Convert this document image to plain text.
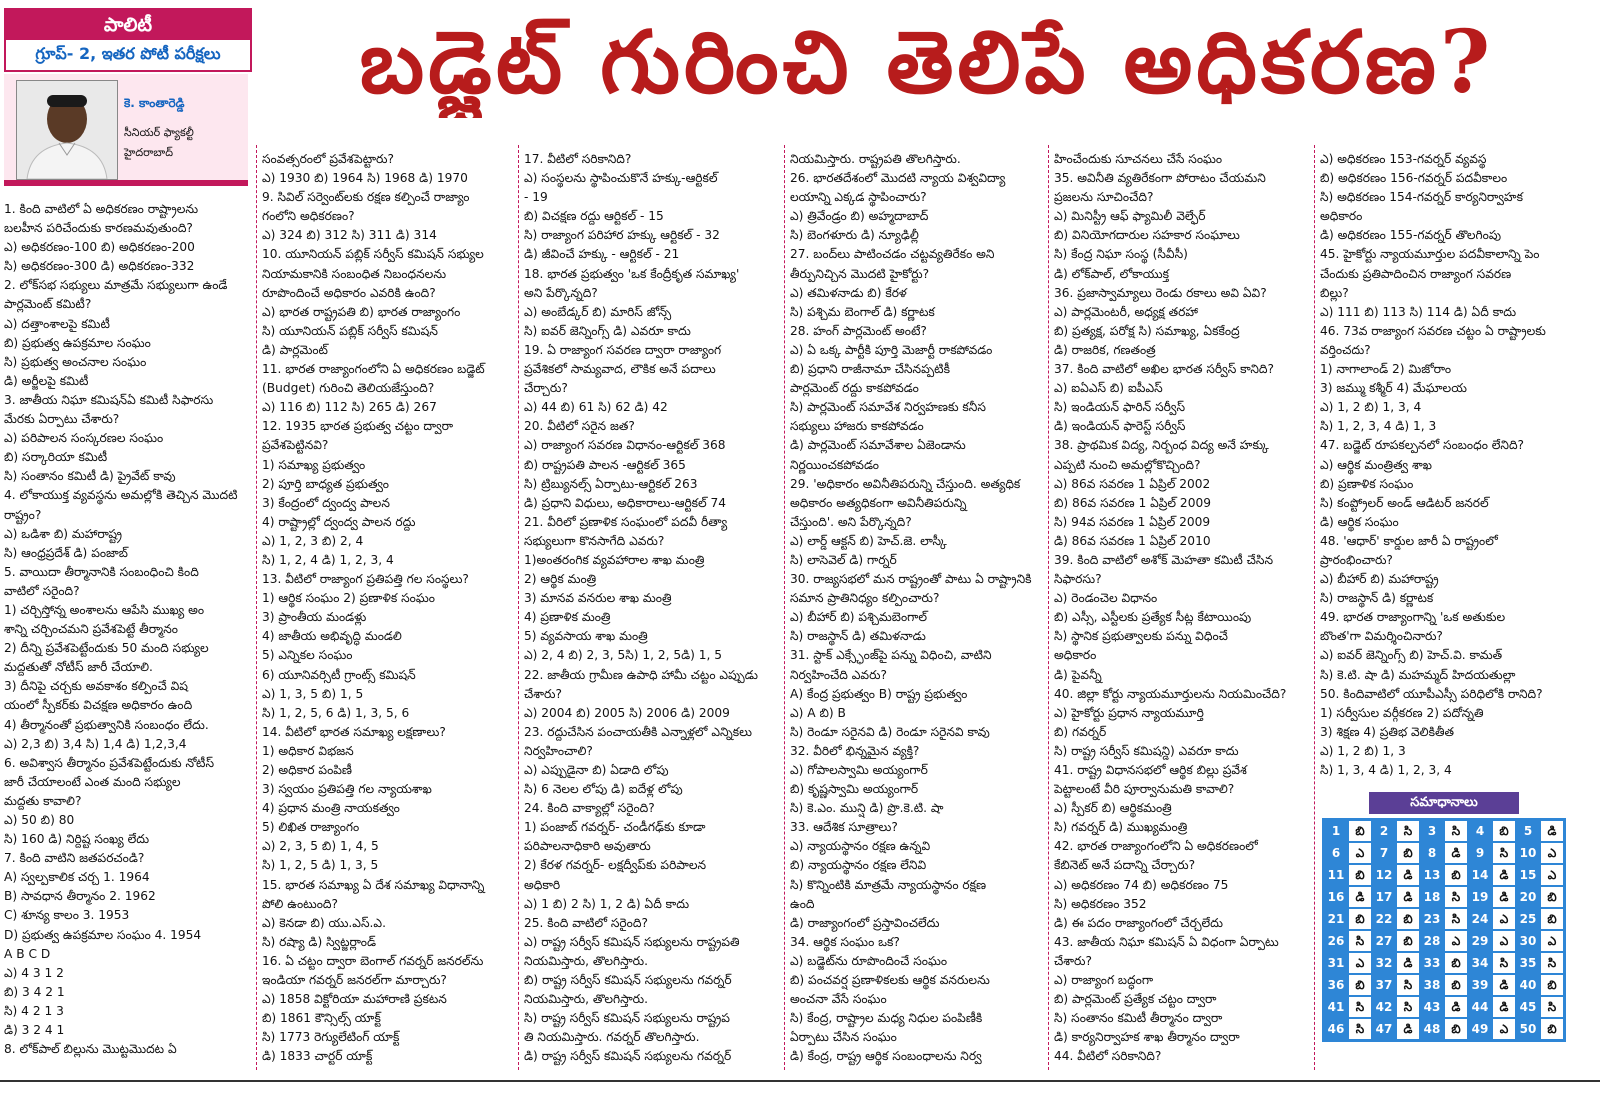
పాలిటీ
గ్రూప్- 2, ఇతర పోటీ పరీక్షలు	బడ్జెట్ గురించి తెలిపే అధికరణ?
కె. కాంతారెడ్డి
సీనియర్ ఫ్యాకల్టీ
హైదరాబాద్
1. కింది వాటిలో ఏ అధికరణం రాష్ట్రాలను
బలహీన పరిచేందుకు కారణమవుతుంది?
ఎ) అధికరణం-100 బి) అధికరణం-200
సి) అధికరణం-300 డి) అధికరణం-332
2. లోక్‌సభ సభ్యులు మాత్రమే సభ్యులుగా ఉండే
పార్లమెంట్ కమిటీ?
ఎ) దత్తాంశాలపై కమిటీ
బి) ప్రభుత్వ ఉపక్రమాల సంఘం
సి) ప్రభుత్వ అంచనాల సంఘం
డి) అర్జీలపై కమిటీ
3. జాతీయ నిఘా కమిషన్‌ఏ కమిటీ సిఫారసు
మేరకు ఏర్పాటు చేశారు?
ఎ) పరిపాలన సంస్కరణల సంఘం
బి) సర్కారియా కమిటీ
సి) సంతానం కమిటీ డి) ప్రైవేట్ కావు
4. లోకాయుక్త వ్యవస్థను అమల్లోకి తెచ్చిన మొదటి
రాష్ట్రం?
ఎ) ఒడిశా బి) మహారాష్ట్ర
సి) ఆంధ్రప్రదేశ్ డి) పంజాబ్
5. వాయిదా తీర్మానానికి సంబంధించి కింది
వాటిలో సరైంది?
1) చర్చిస్తోన్న అంశాలను ఆపేసి ముఖ్య అం
శాన్ని చర్చించమని ప్రవేశపెట్టే తీర్మానం
2) దీన్ని ప్రవేశపెట్టేందుకు 50 మంది సభ్యుల
మద్దతుతో నోటీస్ జారీ చేయాలి.
3) దీనిపై చర్చకు అవకాశం కల్పించే విష
యంలో స్పీకర్‌కు విచక్షణ అధికారం ఉంది
4) తీర్మానంతో ప్రభుత్వానికి సంబంధం లేదు.
ఎ) 2,3 బి) 3,4 సి) 1,4 డి) 1,2,3,4
6. అవిశ్వాస తీర్మానం ప్రవేశపెట్టేందుకు నోటీస్
జారీ చేయాలంటే ఎంత మంది సభ్యుల
మద్దతు కావాలి?
ఎ) 50 బి) 80
సి) 160 డి) నిర్దిష్ట సంఖ్య లేదు
7. కింది వాటిని జతపరచండి?
A) స్వల్పకాలిక చర్చ 1. 1964
B) సావధాన తీర్మానం 2. 1962
C) శూన్య కాలం 3. 1953
D) ప్రభుత్వ ఉపక్రమాల సంఘం 4. 1954
A B C D
ఎ) 4 3 1 2
బి) 3 4 2 1
సి) 4 2 1 3
డి) 3 2 4 1
8. లోక్‌పాల్ బిల్లును మొట్టమొదట ఏ
సంవత్సరంలో ప్రవేశపెట్టారు?
ఎ) 1930 బి) 1964 సి) 1968 డి) 1970
9. సివిల్ సర్వెంట్‌లకు రక్షణ కల్పించే రాజ్యాం
గంలోని అధికరణం?
ఎ) 324 బి) 312 సి) 311 డి) 314
10. యూనియన్ పబ్లిక్ సర్వీస్ కమిషన్ సభ్యుల
నియామకానికి సంబంధిత నిబంధనలను
రూపొందించే అధికారం ఎవరికి ఉంది?
ఎ) భారత రాష్ట్రపతి బి) భారత రాజ్యాంగం
సి) యూనియన్ పబ్లిక్ సర్వీస్ కమిషన్
డి) పార్లమెంట్
11. భారత రాజ్యాంగంలోని ఏ అధికరణం బడ్జెట్
(Budget) గురించి తెలియజేస్తుంది?
ఎ) 116 బి) 112 సి) 265 డి) 267
12. 1935 భారత ప్రభుత్వ చట్టం ద్వారా
ప్రవేశపెట్టినవి?
1) సమాఖ్య ప్రభుత్వం
2) పూర్తి బాధ్యత ప్రభుత్వం
3) కేంద్రంలో ద్వంద్వ పాలన
4) రాష్ట్రాల్లో ద్వంద్వ పాలన రద్దు
ఎ) 1, 2, 3 బి) 2, 4
సి) 1, 2, 4 డి) 1, 2, 3, 4
13. వీటిలో రాజ్యాంగ ప్రతిపత్తి గల సంస్థలు?
1) ఆర్థిక సంఘం 2) ప్రణాళిక సంఘం
3) ప్రాంతీయ మండళ్లు
4) జాతీయ అభివృద్ధి మండలి
5) ఎన్నికల సంఘం
6) యూనివర్సిటీ గ్రాంట్స్ కమిషన్
ఎ) 1, 3, 5 బి) 1, 5
సి) 1, 2, 5, 6 డి) 1, 3, 5, 6
14. వీటిలో భారత సమాఖ్య లక్షణాలు?
1) అధికార విభజన
2) అధికార పంపిణీ
3) స్వయం ప్రతిపత్తి గల న్యాయశాఖ
4) ప్రధాన మంత్రి నాయకత్వం
5) లిఖిత రాజ్యాంగం
ఎ) 2, 3, 5 బి) 1, 4, 5
సి) 1, 2, 5 డి) 1, 3, 5
15. భారత సమాఖ్య ఏ దేశ సమాఖ్య విధానాన్ని
పోలి ఉంటుంది?
ఎ) కెనడా బి) యు.ఎస్.ఎ.
సి) రష్యా డి) స్విట్జర్లాండ్
16. ఏ చట్టం ద్వారా బెంగాల్ గవర్నర్ జనరల్‌ను
ఇండియా గవర్నర్ జనరల్‌గా మార్చారు?
ఎ) 1858 విక్టోరియా మహారాణి ప్రకటన
బి) 1861 కౌన్సిల్స్ యాక్ట్
సి) 1773 రెగ్యులేటింగ్ యాక్ట్
డి) 1833 చార్టర్ యాక్ట్
17. వీటిలో సరికానిది?
ఎ) సంస్థలను స్థాపించుకొనే హక్కు-ఆర్టికల్
- 19
బి) విచక్షణ రద్దు ఆర్టికల్ - 15
సి) రాజ్యాంగ పరిహార హక్కు ఆర్టికల్ - 32
డి) జీవించే హక్కు - ఆర్టికల్ - 21
18. భారత ప్రభుత్వం 'ఒక కేంద్రీకృత సమాఖ్య'
అని పేర్కొన్నది?
ఎ) అంబేడ్కర్ బి) మారిస్ జోన్స్
సి) ఐవర్ జెన్నింగ్స్ డి) ఎవరూ కాదు
19. ఏ రాజ్యాంగ సవరణ ద్వారా రాజ్యాంగ
ప్రవేశికలో సామ్యవాద, లౌకిక అనే పదాలు
చేర్చారు?
ఎ) 44 బి) 61 సి) 62 డి) 42
20. వీటిలో సరైన జత?
ఎ) రాజ్యాంగ సవరణ విధానం-ఆర్టికల్ 368
బి) రాష్ట్రపతి పాలన -ఆర్టికల్ 365
సి) ట్రిబ్యునల్స్ ఏర్పాటు-ఆర్టికల్ 263
డి) ప్రధాని విధులు, అధికారాలు-ఆర్టికల్ 74
21. వీరిలో ప్రణాళిక సంఘంలో పదవీ రీత్యా
సభ్యులుగా కొనసాగేది ఎవరు?
1)అంతరంగిక వ్యవహారాల శాఖ మంత్రి
2) ఆర్థిక మంత్రి
3) మానవ వనరుల శాఖ మంత్రి
4) ప్రణాళిక మంత్రి
5) వ్యవసాయ శాఖ మంత్రి
ఎ) 2, 4 బి) 2, 3, 5సి) 1, 2, 5డి) 1, 5
22. జాతీయ గ్రామీణ ఉపాధి హామీ చట్టం ఎప్పుడు
చేశారు?
ఎ) 2004 బి) 2005 సి) 2006 డి) 2009
23. రద్దుచేసిన పంచాయతీకి ఎన్నాళ్లలో ఎన్నికలు
నిర్వహించాలి?
ఎ) ఎప్పుడైనా బి) ఏడాది లోపు
సి) 6 నెలల లోపు డి) ఐదేళ్ల లోపు
24. కింది వాక్యాల్లో సరైంది?
1) పంజాబ్ గవర్నర్- చండీగఢ్‌కు కూడా
పరిపాలనాధికారి అవుతారు
2) కేరళ గవర్నర్- లక్షద్వీప్‌కు పరిపాలన
అధికారి
ఎ) 1 బి) 2 సి) 1, 2 డి) ఏదీ కాదు
25. కింది వాటిలో సరైంది?
ఎ) రాష్ట్ర సర్వీస్ కమిషన్ సభ్యులను రాష్ట్రపతి
నియమిస్తారు, తొలగిస్తారు.
బి) రాష్ట్ర సర్వీస్ కమిషన్ సభ్యులను గవర్నర్
నియమిస్తారు, తొలగిస్తారు.
సి) రాష్ట్ర సర్వీస్ కమిషన్ సభ్యులను రాష్ట్రప
తి నియమిస్తారు. గవర్నర్ తొలగిస్తారు.
డి) రాష్ట్ర సర్వీస్ కమిషన్ సభ్యులను గవర్నర్
నియమిస్తారు. రాష్ట్రపతి తొలగిస్తారు.
26. భారతదేశంలో మొదటి న్యాయ విశ్వవిద్యా
లయాన్ని ఎక్కడ స్థాపించారు?
ఎ) త్రివేండ్రం బి) అహ్మదాబాద్
సి) బెంగళూరు డి) న్యూఢిల్లీ
27. బంద్‌లు పాటించడం చట్టవ్యతిరేకం అని
తీర్పునిచ్చిన మొదటి హైకోర్టు?
ఎ) తమిళనాడు బి) కేరళ
సి) పశ్చిమ బెంగాల్ డి) కర్ణాటక
28. హంగ్ పార్లమెంట్ అంటే?
ఎ) ఏ ఒక్క పార్టీకి పూర్తి మెజార్టీ రాకపోవడం
బి) ప్రధాని రాజీనామా చేసినప్పటికీ
పార్లమెంట్ రద్దు కాకపోవడం
సి) పార్లమెంట్ సమావేశ నిర్వహణకు కనీస
సభ్యులు హాజరు కాకపోవడం
డి) పార్లమెంట్ సమావేశాల ఏజెండాను
నిర్ణయించకపోవడం
29. 'అధికారం అవినీతిపరున్ని చేస్తుంది. అత్యధిక
అధికారం అత్యధికంగా అవినీతిపరున్ని
చేస్తుంది'. అని పేర్కొన్నది?
ఎ) లార్డ్ ఆక్టన్ బి) హెచ్.జె. లాస్కీ
సి) లాసెవెల్ డి) గార్నర్
30. రాజ్యసభలో మన రాష్ట్రంతో పాటు ఏ రాష్ట్రానికి
సమాన ప్రాతినిధ్యం కల్పించారు?
ఎ) బీహార్ బి) పశ్చిమబెంగాల్
సి) రాజస్థాన్ డి) తమిళనాడు
31. స్టాక్ ఎక్స్ఛేంజ్‌పై పన్ను విధించి, వాటిని
నిర్వహించేది ఎవరు?
A) కేంద్ర ప్రభుత్వం B) రాష్ట్ర ప్రభుత్వం
ఎ) A బి) B
సి) రెండూ సరైనవి డి) రెండూ సరైనవి కావు
32. వీరిలో భిన్నమైన వ్యక్తి?
ఎ) గోపాలస్వామి అయ్యంగార్
బి) కృష్ణస్వామి అయ్యంగార్
సి) కె.ఎం. మున్షి డి) ప్రొ.కె.టి. షా
33. ఆదేశిక సూత్రాలు?
ఎ) న్యాయస్థానం రక్షణ ఉన్నవి
బి) న్యాయస్థానం రక్షణ లేనివి
సి) కొన్నింటికి మాత్రమే న్యాయస్థానం రక్షణ
ఉంది
డి) రాజ్యాంగంలో ప్రస్తావించలేదు
34. ఆర్థిక సంఘం ఒక?
ఎ) బడ్జెట్‌ను రూపొందించే సంఘం
బి) పంచవర్ష ప్రణాళికలకు ఆర్థిక వనరులను
అంచనా వేసే సంఘం
సి) కేంద్ర, రాష్ట్రాల మధ్య నిధుల పంపిణీకి
ఏర్పాటు చేసిన సంఘం
డి) కేంద్ర, రాష్ట్ర ఆర్థిక సంబంధాలను నిర్వ
హించేందుకు సూచనలు చేసే సంఘం
35. అవినీతి వ్యతిరేకంగా పోరాటం చేయమని
ప్రజలను సూచించేది?
ఎ) మినిస్ట్రీ ఆఫ్ ఫ్యామిలీ వెల్ఫేర్
బి) వినియోగదారుల సహకార సంఘాలు
సి) కేంద్ర నిఘా సంస్థ (సీవీసీ)
డి) లోక్‌పాల్, లోకాయుక్త
36. ప్రజాస్వామ్యాలు రెండు రకాలు అవి ఏవి?
ఎ) పార్లమెంటరీ, అధ్యక్ష తరహా
బి) ప్రత్యక్ష, పరోక్ష సి) సమాఖ్య, ఏకకేంద్ర
డి) రాజరిక, గణతంత్ర
37. కింది వాటిలో అఖిల భారత సర్వీస్ కానిది?
ఎ) ఐఏఎస్ బి) ఐపీఎస్
సి) ఇండియన్ ఫారిన్ సర్వీస్
డి) ఇండియన్ ఫారెస్ట్ సర్వీస్
38. ప్రాథమిక విద్య, నిర్బంధ విద్య అనే హక్కు
ఎప్పటి నుంచి అమల్లోకొచ్చింది?
ఎ) 86వ సవరణ 1 ఏప్రిల్ 2002
బి) 86వ సవరణ 1 ఏప్రిల్ 2009
సి) 94వ సవరణ 1 ఏప్రిల్ 2009
డి) 86వ సవరణ 1 ఏప్రిల్ 2010
39. కింది వాటిలో అశోక్ మెహతా కమిటీ చేసిన
సిఫారసు?
ఎ) రెండంచెల విధానం
బి) ఎస్సీ, ఎస్టీలకు ప్రత్యేక సీట్ల కేటాయింపు
సి) స్థానిక ప్రభుత్వాలకు పన్ను విధించే
అధికారం
డి) పైవన్నీ
40. జిల్లా కోర్టు న్యాయమూర్తులను నియమించేది?
ఎ) హైకోర్టు ప్రధాన న్యాయమూర్తి
బి) గవర్నర్
సి) రాష్ట్ర సర్వీస్ కమిషన్డి) ఎవరూ కాదు
41. రాష్ట్ర విధానసభలో ఆర్థిక బిల్లు ప్రవేశ
పెట్టాలంటే వీరి పూర్వానుమతి కావాలి?
ఎ) స్పీకర్ బి) ఆర్థికమంత్రి
సి) గవర్నర్ డి) ముఖ్యమంత్రి
42. భారత రాజ్యాంగంలోని ఏ అధికరణంలో
కేబినెట్ అనే పదాన్ని చేర్చారు?
ఎ) అధికరణం 74 బి) అధికరణం 75
సి) అధికరణం 352
డి) ఈ పదం రాజ్యాంగంలో చేర్చలేదు
43. జాతీయ నిఘా కమిషన్ ఏ విధంగా ఏర్పాటు
చేశారు?
ఎ) రాజ్యాంగ బద్ధంగా
బి) పార్లమెంట్ ప్రత్యేక చట్టం ద్వారా
సి) సంతానం కమిటీ తీర్మానం ద్వారా
డి) కార్యనిర్వాహక శాఖ తీర్మానం ద్వారా
44. వీటిలో సరికానిది?
ఎ) అధికరణం 153-గవర్నర్ వ్యవస్థ
బి) అధికరణం 156-గవర్నర్ పదవీకాలం
సి) అధికరణం 154-గవర్నర్ కార్యనిర్వాహక
అధికారం
డి) అధికరణం 155-గవర్నర్ తొలగింపు
45. హైకోర్టు న్యాయమూర్తుల పదవీకాలాన్ని పెం
చేందుకు ప్రతిపాదించిన రాజ్యాంగ సవరణ
బిల్లు?
ఎ) 111 బి) 113 సి) 114 డి) ఏదీ కాదు
46. 73వ రాజ్యాంగ సవరణ చట్టం ఏ రాష్ట్రాలకు
వర్తించదు?
1) నాగాలాండ్ 2) మిజోరాం
3) జమ్ము కశ్మీర్ 4) మేఘాలయ
ఎ) 1, 2 బి) 1, 3, 4
సి) 1, 2, 3, 4 డి) 1, 3
47. బడ్జెట్ రూపకల్పనలో సంబంధం లేనిది?
ఎ) ఆర్థిక మంత్రిత్వ శాఖ
బి) ప్రణాళిక సంఘం
సి) కంప్ట్రోలర్ అండ్ ఆడిటర్ జనరల్
డి) ఆర్థిక సంఘం
48. 'ఆధార్' కార్డుల జారీ ఏ రాష్ట్రంలో
ప్రారంభించారు?
ఎ) బీహార్ బి) మహారాష్ట్ర
సి) రాజస్థాన్ డి) కర్ణాటక
49. భారత రాజ్యాంగాన్ని 'ఒక అతుకుల
బొంత'గా విమర్శించినారు?
ఎ) ఐవర్ జెన్నింగ్స్ బి) హెచ్.వి. కామత్
సి) కె.టి. షా డి) మహమ్మద్ హిదయతుల్లా
50. కిందివాటిలో యూపీఎస్సీ పరిధిలోకి రానిది?
1) సర్వీసుల వర్గీకరణ 2) పదోన్నతి
3) శిక్షణ 4) ప్రతిభ వెలికితీత
ఎ) 1, 2 బి) 1, 3
సి) 1, 3, 4 డి) 1, 2, 3, 4
సమాధానాలు
1	బి	2	సి	3	సి	4	బి	5	డి
6	ఎ	7	బి	8	డి	9	సి 10 ఎ
11 బి 12 డి 13 బి 14 డి 15 ఎ
16 డి 17 డి 18 సి 19 డి 20 బి
21 బి 22 బి 23 సి 24 ఎ 25 బి
26 సి 27 బి 28 ఎ 29 ఎ 30 ఎ
31 ఎ 32 డి 33 బి 34 సి 35 సి
36 బి 37 సి 38 బి 39 డి 40 బి
41 సి 42 సి 43 డి 44 డి 45 సి
46 సి 47 డి 48 బి 49 ఎ 50 బి
